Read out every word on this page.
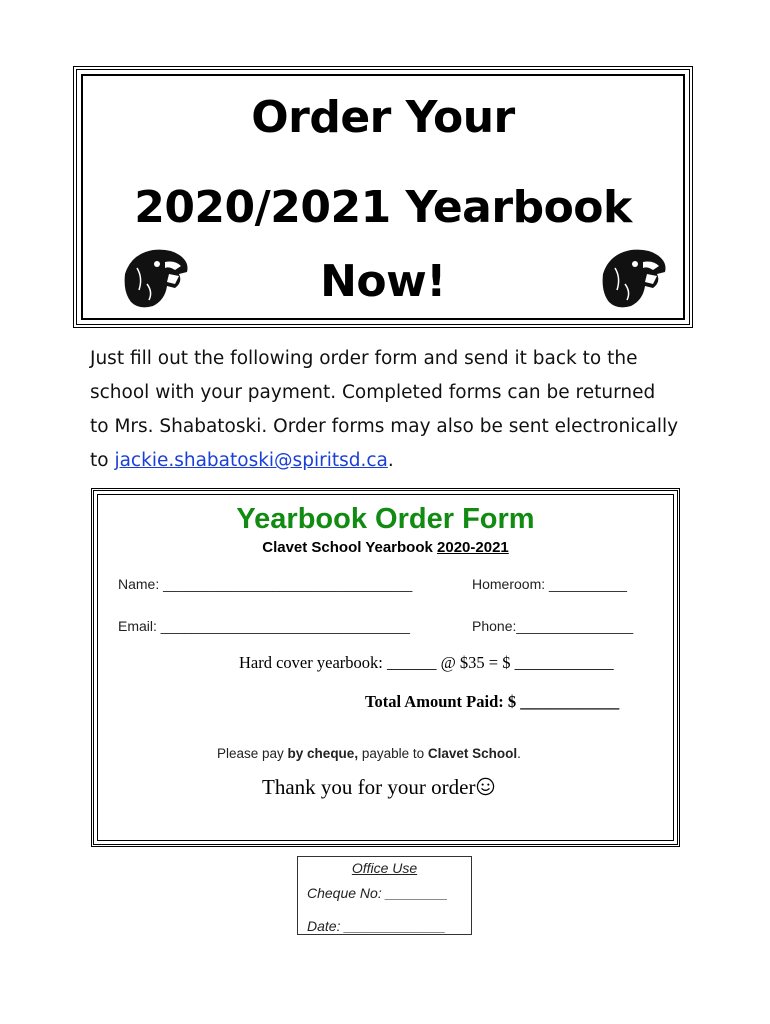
Order Your
2020/2021 Yearbook
Now!
Just fill out the following order form and send it back to the
school with your payment. Completed forms can be returned
to Mrs. Shabatoski. Order forms may also be sent electronically
to jackie.shabatoski@spiritsd.ca.
Yearbook Order Form
Clavet School Yearbook 2020-2021
Name: ________________________________	Homeroom: __________
Email: ________________________________	Phone:_______________
Hard cover yearbook: ______ @ $35 = $ ____________
Total Amount Paid: $ ____________
Please pay by cheque, payable to Clavet School.
Thank you for your order
Office Use
Cheque No: ________
Date: _____________
